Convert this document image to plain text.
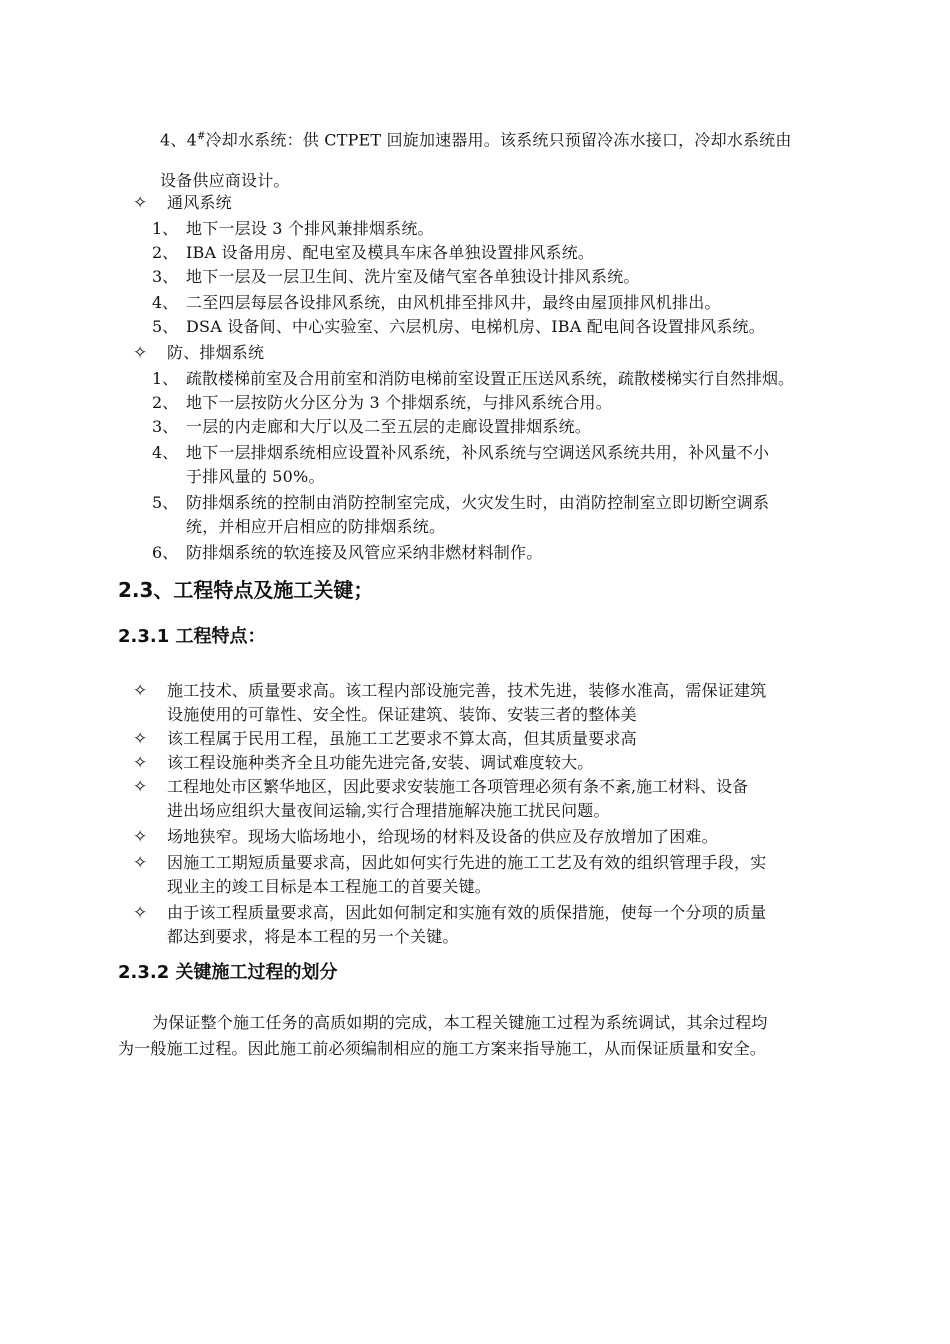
4、4#冷却水系统：供 CTPET 回旋加速器用。该系统只预留冷冻水接口，冷却水系统由
设备供应商设计。
✧ 通风系统
1、 地下一层设 3 个排风兼排烟系统。
2、 IBA 设备用房、配电室及模具车床各单独设置排风系统。
3、 地下一层及一层卫生间、洗片室及储气室各单独设计排风系统。
4、 二至四层每层各设排风系统，由风机排至排风井，最终由屋顶排风机排出。
5、 DSA 设备间、中心实验室、六层机房、电梯机房、IBA 配电间各设置排风系统。
✧ 防、排烟系统
1、 疏散楼梯前室及合用前室和消防电梯前室设置正压送风系统，疏散楼梯实行自然排烟。
2、 地下一层按防火分区分为 3 个排烟系统，与排风系统合用。
3、 一层的内走廊和大厅以及二至五层的走廊设置排烟系统。
4、 地下一层排烟系统相应设置补风系统，补风系统与空调送风系统共用，补风量不小
于排风量的 50%。
5、 防排烟系统的控制由消防控制室完成，火灾发生时，由消防控制室立即切断空调系
统，并相应开启相应的防排烟系统。
6、 防排烟系统的软连接及风管应采纳非燃材料制作。
2.3、工程特点及施工关键；
2.3.1 工程特点：
✧ 施工技术、质量要求高。该工程内部设施完善，技术先进，装修水准高，需保证建筑
设施使用的可靠性、安全性。保证建筑、装饰、安装三者的整体美
✧ 该工程属于民用工程，虽施工工艺要求不算太高，但其质量要求高
✧ 该工程设施种类齐全且功能先进完备,安装、调试难度较大。
✧ 工程地处市区繁华地区，因此要求安装施工各项管理必须有条不紊,施工材料、设备
进出场应组织大量夜间运输,实行合理措施解决施工扰民问题。
✧ 场地狭窄。现场大临场地小，给现场的材料及设备的供应及存放增加了困难。
✧ 因施工工期短质量要求高，因此如何实行先进的施工工艺及有效的组织管理手段，实
现业主的竣工目标是本工程施工的首要关键。
✧ 由于该工程质量要求高，因此如何制定和实施有效的质保措施，使每一个分项的质量
都达到要求，将是本工程的另一个关键。
2.3.2 关键施工过程的划分
为保证整个施工任务的高质如期的完成，本工程关键施工过程为系统调试，其余过程均
为一般施工过程。因此施工前必须编制相应的施工方案来指导施工，从而保证质量和安全。
